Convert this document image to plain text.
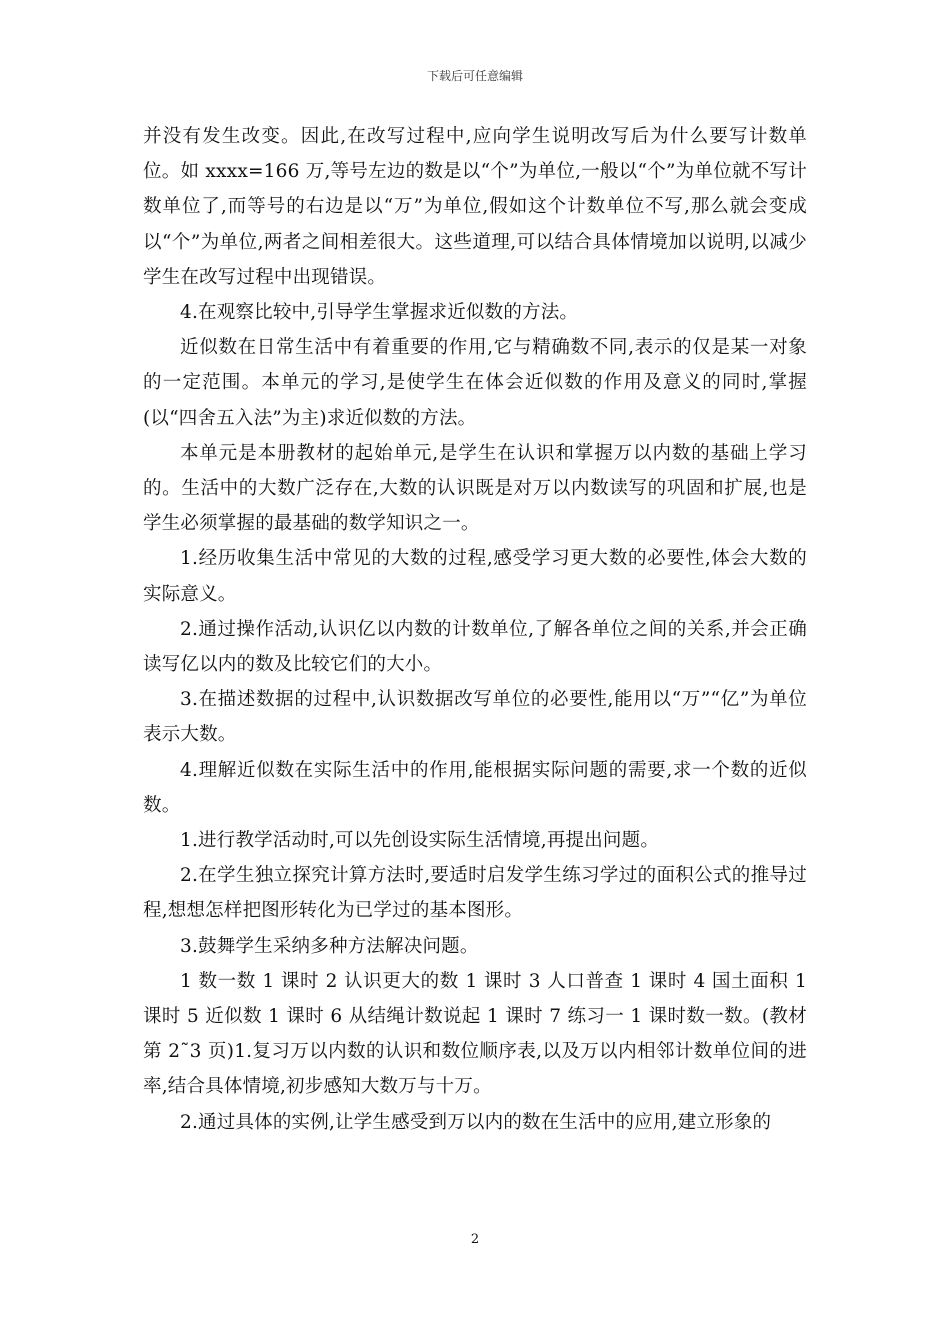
下载后可任意编辑

并没有发生改变。因此,在改写过程中,应向学生说明改写后为什么要写计数单位。如 xxxx=166 万,等号左边的数是以“个”为单位,一般以“个”为单位就不写计数单位了,而等号的右边是以“万”为单位,假如这个计数单位不写,那么就会变成以“个”为单位,两者之间相差很大。这些道理,可以结合具体情境加以说明,以减少学生在改写过程中出现错误。

4.在观察比较中,引导学生掌握求近似数的方法。

近似数在日常生活中有着重要的作用,它与精确数不同,表示的仅是某一对象的一定范围。本单元的学习,是使学生在体会近似数的作用及意义的同时,掌握(以“四舍五入法”为主)求近似数的方法。

本单元是本册教材的起始单元,是学生在认识和掌握万以内数的基础上学习的。生活中的大数广泛存在,大数的认识既是对万以内数读写的巩固和扩展,也是学生必须掌握的最基础的数学知识之一。

1.经历收集生活中常见的大数的过程,感受学习更大数的必要性,体会大数的实际意义。

2.通过操作活动,认识亿以内数的计数单位,了解各单位之间的关系,并会正确读写亿以内的数及比较它们的大小。

3.在描述数据的过程中,认识数据改写单位的必要性,能用以“万”“亿”为单位表示大数。

4.理解近似数在实际生活中的作用,能根据实际问题的需要,求一个数的近似数。

1.进行教学活动时,可以先创设实际生活情境,再提出问题。

2.在学生独立探究计算方法时,要适时启发学生练习学过的面积公式的推导过程,想想怎样把图形转化为已学过的基本图形。

3.鼓舞学生采纳多种方法解决问题。

1 数一数 1 课时 2 认识更大的数 1 课时 3 人口普查 1 课时 4 国土面积 1 课时 5 近似数 1 课时 6 从结绳计数说起 1 课时 7 练习一 1 课时数一数。(教材第 2˜3 页)1.复习万以内数的认识和数位顺序表,以及万以内相邻计数单位间的进率,结合具体情境,初步感知大数万与十万。

2.通过具体的实例,让学生感受到万以内的数在生活中的应用,建立形象的

2
